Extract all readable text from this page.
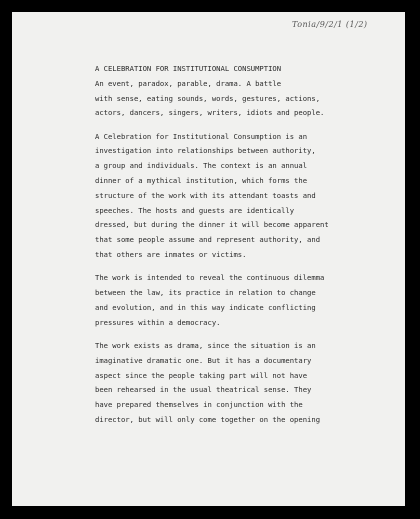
Tonia/9/2/1 (1/2)
A CELEBRATION FOR INSTITUTIONAL CONSUMPTION
An event, paradox, parable, drama. A battle
with sense, eating sounds, words, gestures, actions,
actors, dancers, singers, writers, idiots and people.
A Celebration for Institutional Consumption is an
investigation into relationships between authority,
a group and individuals. The context is an annual
dinner of a mythical institution, which forms the
structure of the work with its attendant toasts and
speeches. The hosts and guests are identically
dressed, but during the dinner it will become apparent
that some people assume and represent authority, and
that others are inmates or victims.
The work is intended to reveal the continuous dilemma
between the law, its practice in relation to change
and evolution, and in this way indicate conflicting
pressures within a democracy.
The work exists as drama, since the situation is an
imaginative dramatic one. But it has a documentary
aspect since the people taking part will not have
been rehearsed in the usual theatrical sense. They
have prepared themselves in conjunction with the
director, but will only come together on the opening
